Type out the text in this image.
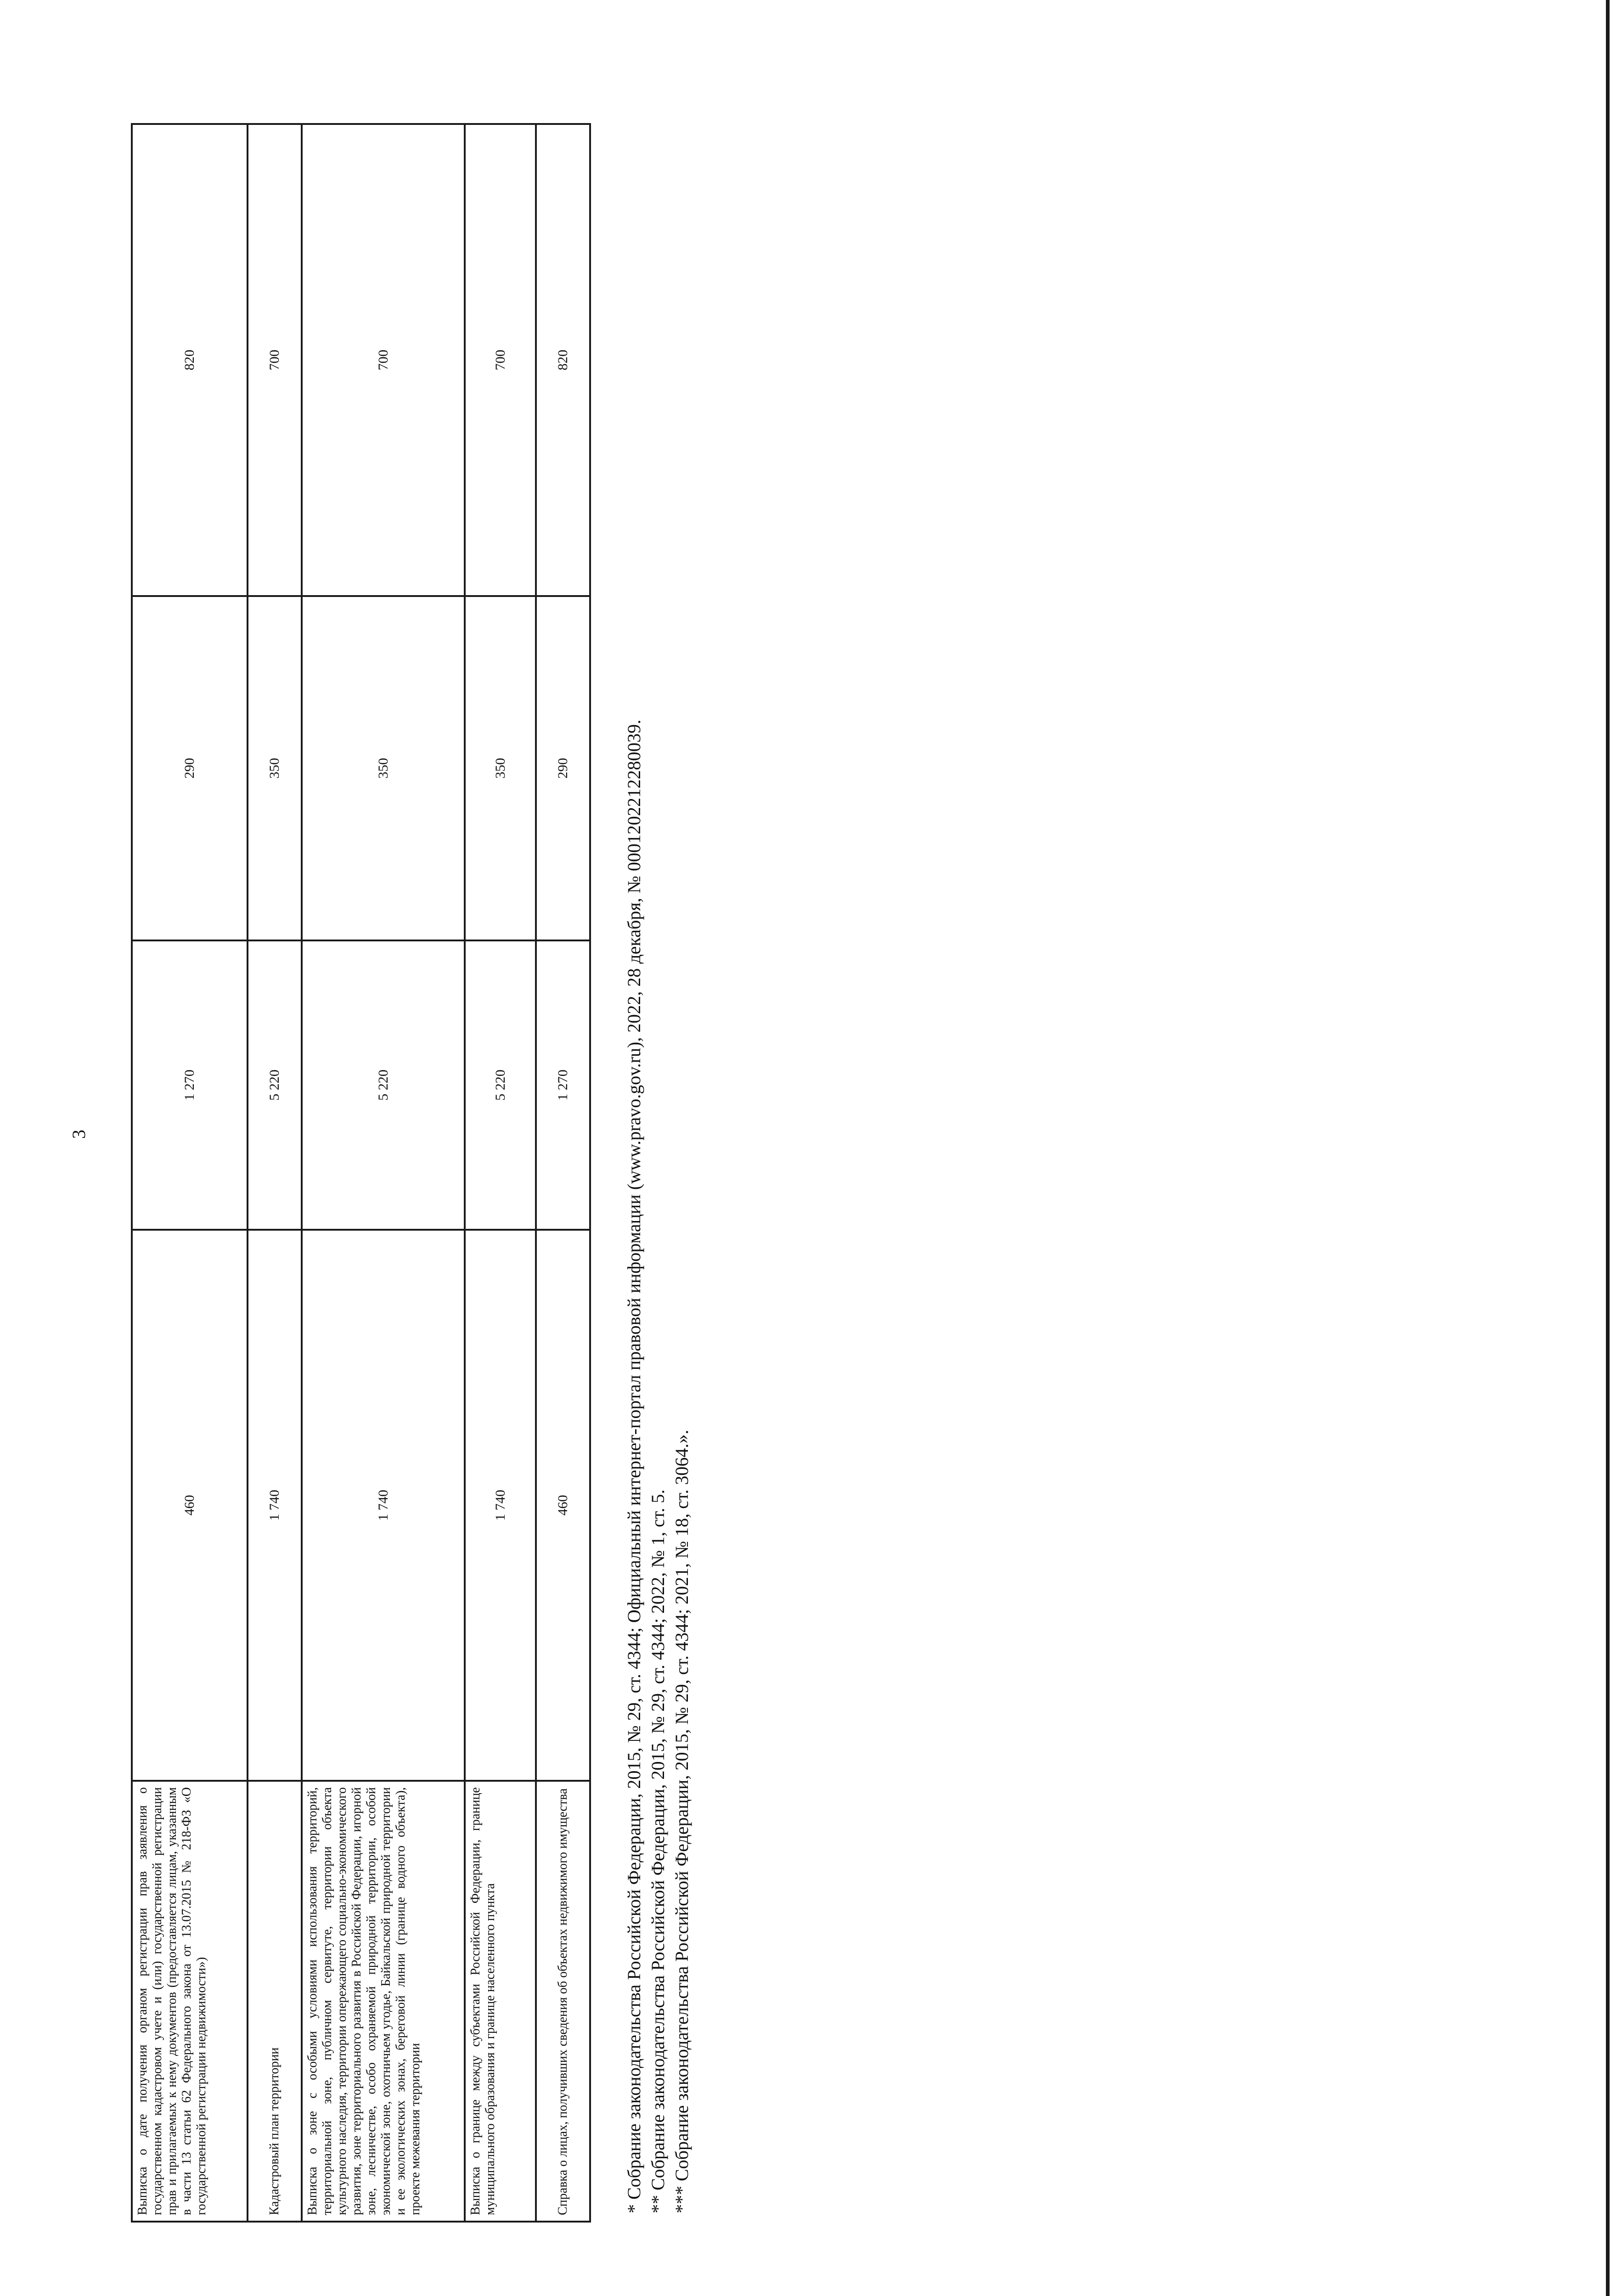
3
Выписка о дате получения органом регистрации прав заявления о государственном кадастровом учете и (или) государственной регистрации прав и прилагаемых к нему документов (предоставляется лицам, указанным в части 13 статьи 62 Федерального закона от 13.07.2015 № 218-ФЗ «О государственной регистрации недвижимости»)	460	1 270	290	820
Кадастровый план территории	1 740	5 220	350	700
Выписка о зоне с особыми условиями использования территорий, территориальной зоне, публичном сервитуте, территории объекта культурного наследия, территории опережающего социально-экономического развития, зоне территориального развития в Российской Федерации, игорной зоне, лесничестве, особо охраняемой природной территории, особой экономической зоне, охотничьем угодье, Байкальской природной территории и ее экологических зонах, береговой линии (границе водного объекта), проекте межевания территории	1 740	5 220	350	700
Выписка о границе между субъектами Российской Федерации, границе муниципального образования и границе населенного пункта	1 740	5 220	350	700
Справка о лицах, получивших сведения об объектах недвижимого имущества	460	1 270	290	820
* Собрание законодательства Российской Федерации, 2015, № 29, ст. 4344; Официальный интернет-портал правовой информации (www.pravo.gov.ru), 2022, 28 декабря, № 0001202212280039. ** Собрание законодательства Российской Федерации, 2015, № 29, ст. 4344; 2022, № 1, ст. 5. *** Собрание законодательства Российской Федерации, 2015, № 29, ст. 4344; 2021, № 18, ст. 3064.».
